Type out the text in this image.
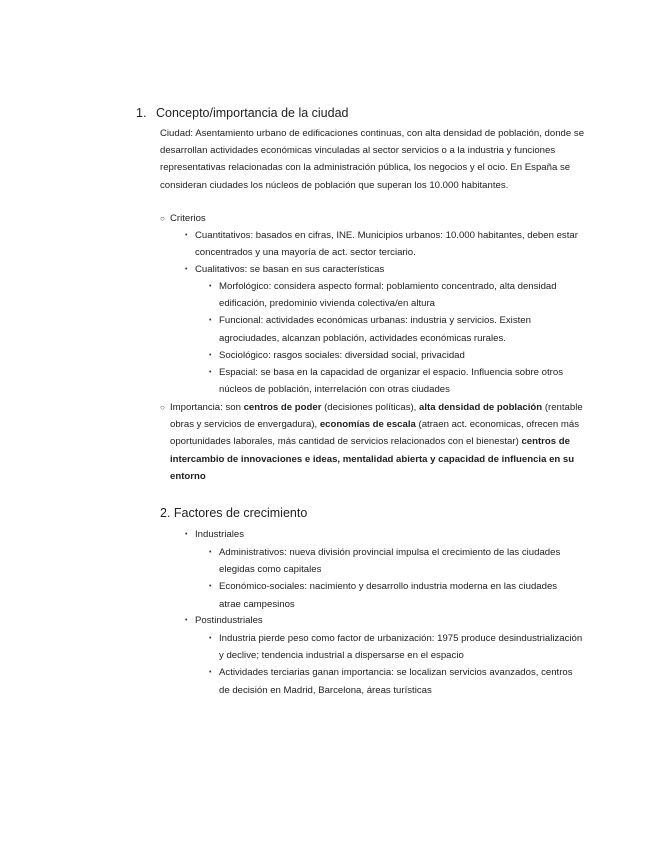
1. Concepto/importancia de la ciudad
Ciudad: Asentamiento urbano de edificaciones continuas, con alta densidad de población, donde se desarrollan actividades económicas vinculadas al sector servicios o a la industria y funciones representativas relacionadas con la administración pública, los negocios y el ocio. En España se consideran ciudades los núcleos de población que superan los 10.000 habitantes.
○ Criterios
• Cuantitativos: basados en cifras, INE. Municipios urbanos: 10.000 habitantes, deben estar concentrados y una mayoría de act. sector terciario.
• Cualitativos: se basan en sus características
• Morfológico: considera aspecto formal: poblamiento concentrado, alta densidad edificación, predominio vivienda colectiva/en altura
• Funcional: actividades económicas urbanas: industria y servicios. Existen agrociudades, alcanzan población, actividades económicas rurales.
• Sociológico: rasgos sociales: diversidad social, privacidad
• Espacial: se basa en la capacidad de organizar el espacio. Influencia sobre otros núcleos de población, interrelación con otras ciudades
○ Importancia: son centros de poder (decisiones políticas), alta densidad de población (rentable obras y servicios de envergadura), economías de escala (atraen act. economicas, ofrecen más oportunidades laborales, más cantidad de servicios relacionados con el bienestar) centros de intercambio de innovaciones e ideas, mentalidad abierta y capacidad de influencia en su entorno
2. Factores de crecimiento
• Industriales
• Administrativos: nueva división provincial impulsa el crecimiento de las ciudades elegidas como capitales
• Económico-sociales: nacimiento y desarrollo industria moderna en las ciudades atrae campesinos
• Postindustriales
• Industria pierde peso como factor de urbanización: 1975 produce desindustrialización y declive; tendencia industrial a dispersarse en el espacio
• Actividades terciarias ganan importancia: se localizan servicios avanzados, centros de decisión en Madrid, Barcelona, áreas turísticas
